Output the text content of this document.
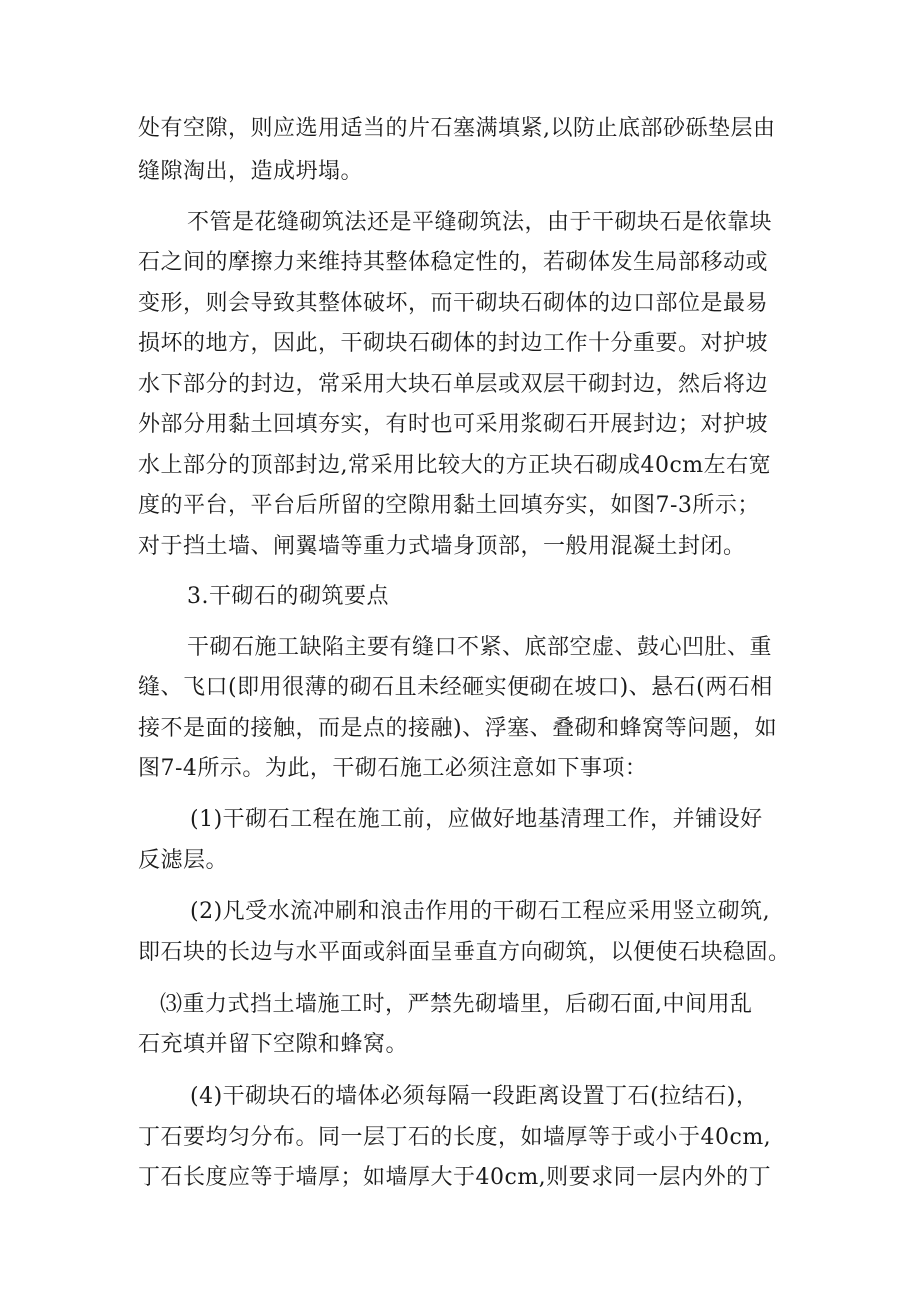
处有空隙，则应选用适当的片石塞满填紧,以防止底部砂砾垫层由
缝隙淘出，造成坍塌。
不管是花缝砌筑法还是平缝砌筑法，由于干砌块石是依靠块
石之间的摩擦力来维持其整体稳定性的，若砌体发生局部移动或
变形，则会导致其整体破坏，而干砌块石砌体的边口部位是最易
损坏的地方，因此，干砌块石砌体的封边工作十分重要。对护坡
水下部分的封边，常采用大块石单层或双层干砌封边，然后将边
外部分用黏土回填夯实，有时也可采用浆砌石开展封边；对护坡
水上部分的顶部封边,常采用比较大的方正块石砌成40cm左右宽
度的平台，平台后所留的空隙用黏土回填夯实，如图7-3所示；
对于挡土墙、闸翼墙等重力式墙身顶部，一般用混凝土封闭。
3.干砌石的砌筑要点
干砌石施工缺陷主要有缝口不紧、底部空虚、鼓心凹肚、重
缝、飞口(即用很薄的砌石且未经砸实便砌在坡口)、悬石(两石相
接不是面的接触，而是点的接融)、浮塞、叠砌和蜂窝等问题，如
图7-4所示。为此，干砌石施工必须注意如下事项：
(1)干砌石工程在施工前，应做好地基清理工作，并铺设好
反滤层。
(2)凡受水流冲刷和浪击作用的干砌石工程应采用竖立砌筑,
即石块的长边与水平面或斜面呈垂直方向砌筑，以便使石块稳固。
⑶重力式挡土墙施工时，严禁先砌墙里，后砌石面,中间用乱
石充填并留下空隙和蜂窝。
(4)干砌块石的墙体必须每隔一段距离设置丁石(拉结石)，
丁石要均匀分布。同一层丁石的长度，如墙厚等于或小于40cm,
丁石长度应等于墙厚；如墙厚大于40cm,则要求同一层内外的丁
